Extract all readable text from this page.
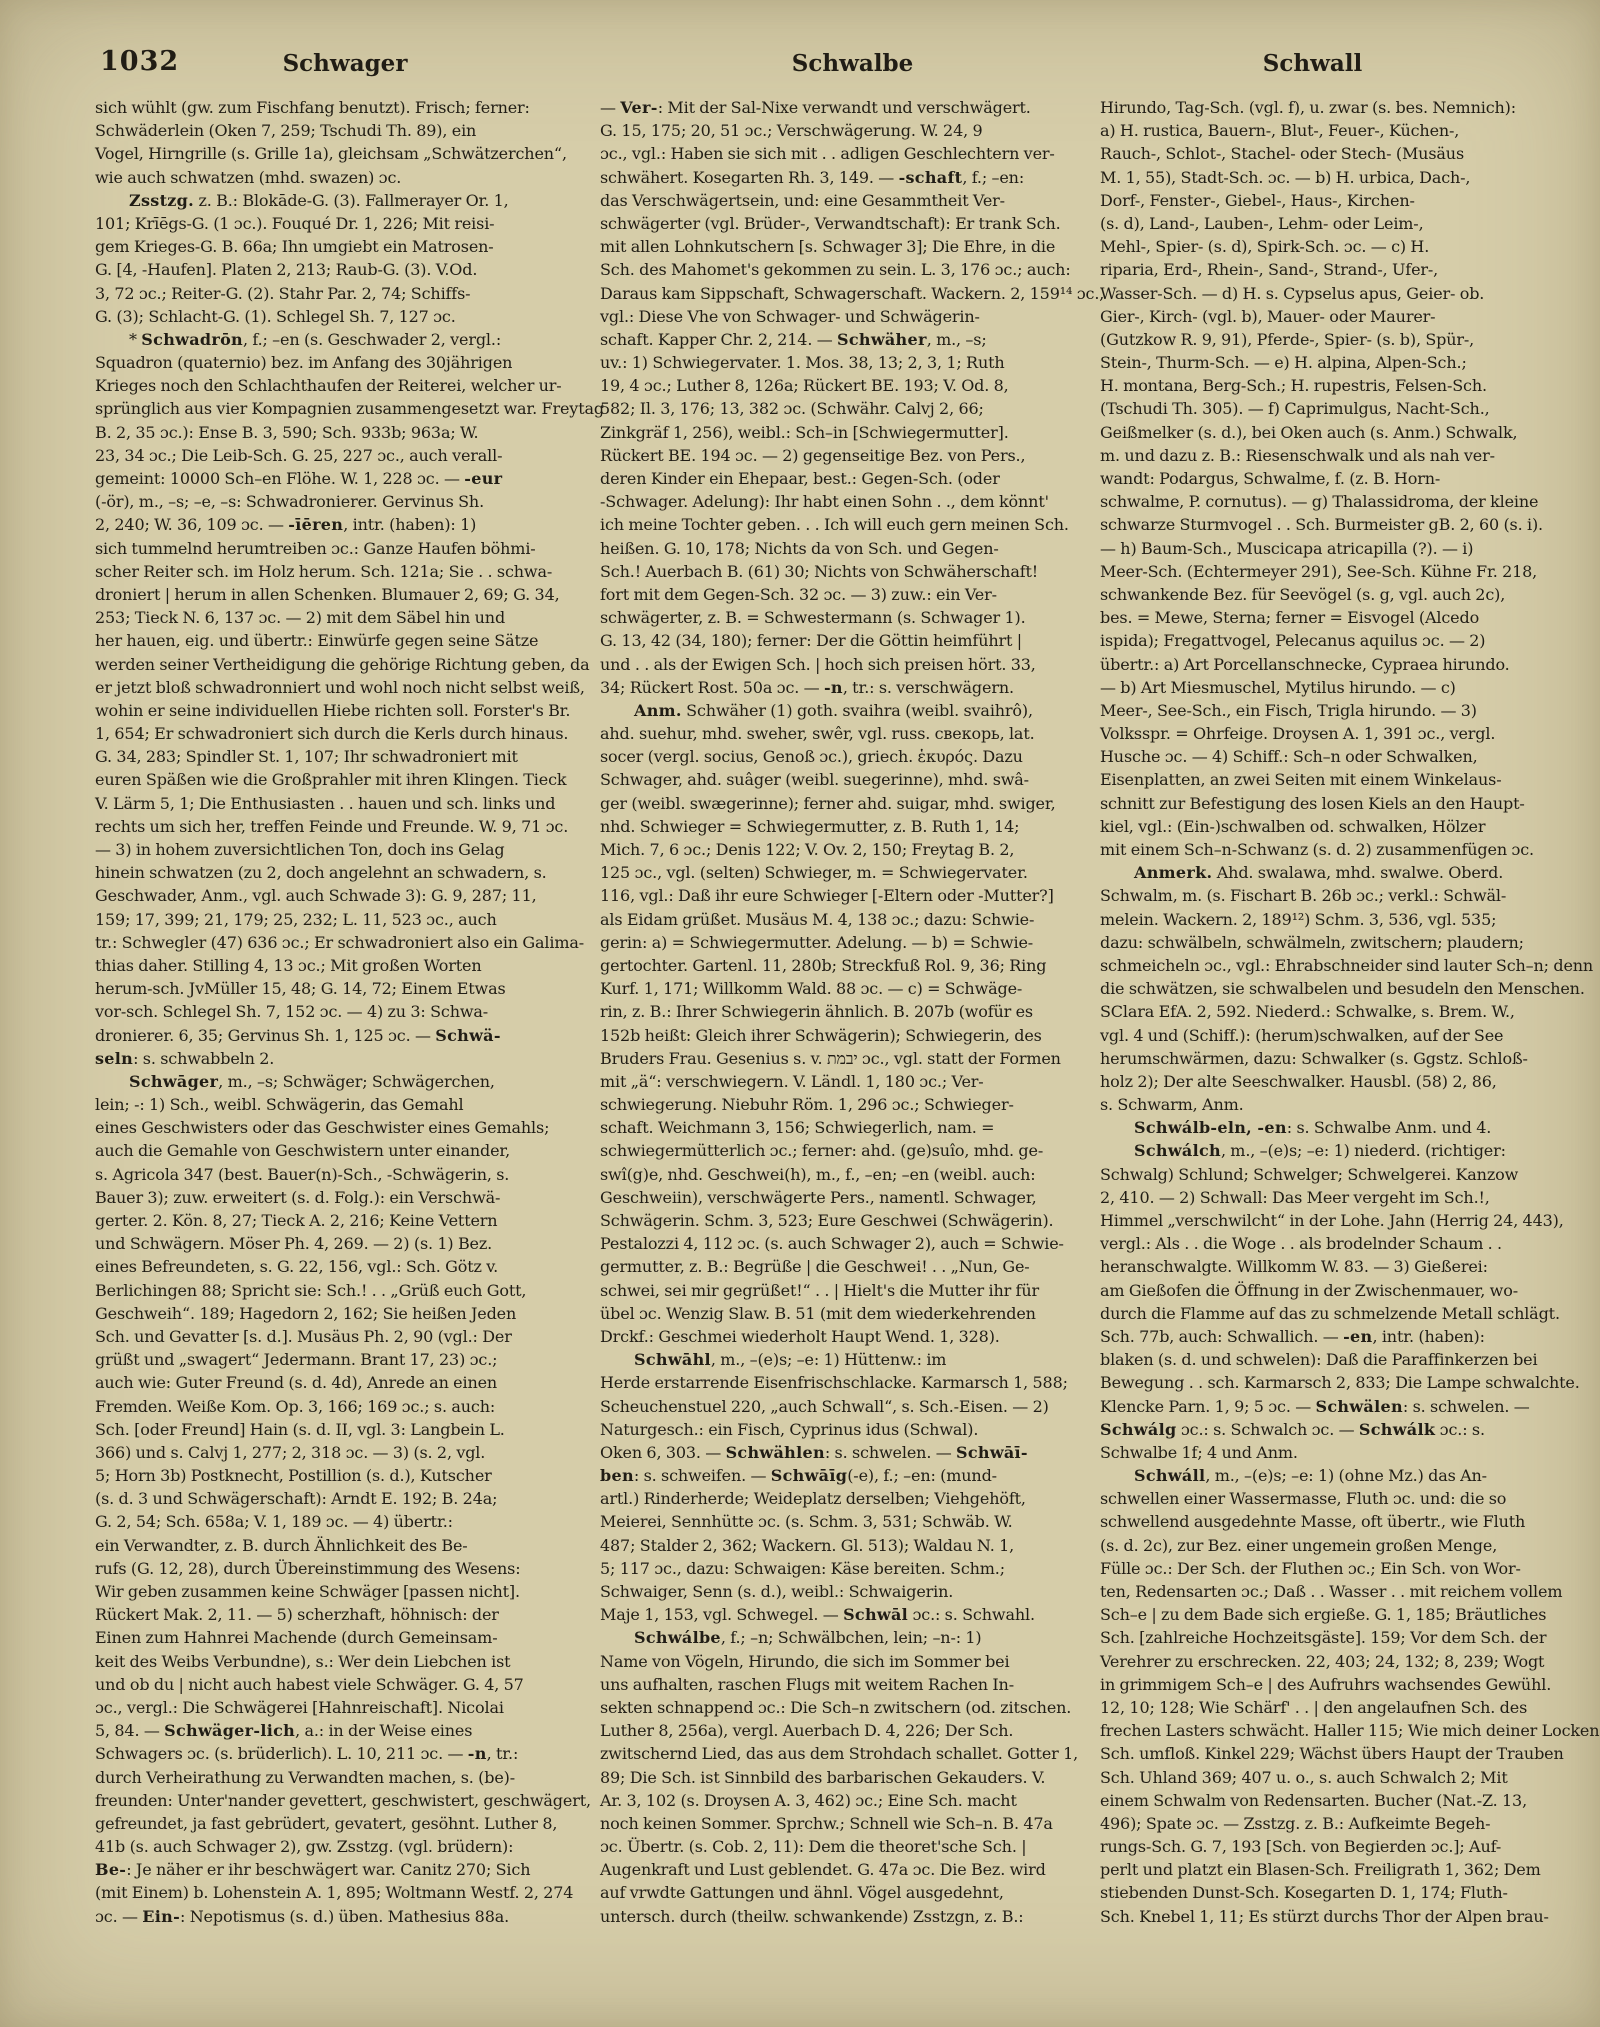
1032	Schwager	Schwalbe	Schwall
sich wühlt (gw. zum Fischfang benutzt). Frisch; ferner:
Schwäderlein (Oken 7, 259; Tschudi Th. 89), ein
Vogel, Hirngrille (s. Grille 1a), gleichsam „Schwätzerchen“,
wie auch schwatzen (mhd. swazen) ɔc.
Zsstzg. z. B.: Blokāde-G. (3). Fallmerayer Or. 1,
101; Krīēgs-G. (1 ɔc.). Fouqué Dr. 1, 226; Mit reisi-
gem Krieges-G. B. 66a; Ihn umgiebt ein Matrosen-
G. [4, -Haufen]. Platen 2, 213; Raub-G. (3). V.Od.
3, 72 ɔc.; Reiter-G. (2). Stahr Par. 2, 74; Schiffs-
G. (3); Schlacht-G. (1). Schlegel Sh. 7, 127 ɔc.
* Schwadrōn, f.; –en (s. Geschwader 2, vergl.:
Squadron (quaternio) bez. im Anfang des 30jährigen
Krieges noch den Schlachthaufen der Reiterei, welcher ur-
sprünglich aus vier Kompagnien zusammengesetzt war. Freytag
B. 2, 35 ɔc.): Ense B. 3, 590; Sch. 933b; 963a; W.
23, 34 ɔc.; Die Leib-Sch. G. 25, 227 ɔc., auch verall-
gemeint: 10000 Sch–en Flöhe. W. 1, 228 ɔc. — -eur
(-ör), m., –s; –e, –s: Schwadronierer. Gervinus Sh.
2, 240; W. 36, 109 ɔc. — -īēren, intr. (haben): 1)
sich tummelnd herumtreiben ɔc.: Ganze Haufen böhmi-
scher Reiter sch. im Holz herum. Sch. 121a; Sie . . schwa-
droniert | herum in allen Schenken. Blumauer 2, 69; G. 34,
253; Tieck N. 6, 137 ɔc. — 2) mit dem Säbel hin und
her hauen, eig. und übertr.: Einwürfe gegen seine Sätze
werden seiner Vertheidigung die gehörige Richtung geben, da
er jetzt bloß schwadronniert und wohl noch nicht selbst weiß,
wohin er seine individuellen Hiebe richten soll. Forster's Br.
1, 654; Er schwadroniert sich durch die Kerls durch hinaus.
G. 34, 283; Spindler St. 1, 107; Ihr schwadroniert mit
euren Späßen wie die Großprahler mit ihren Klingen. Tieck
V. Lärm 5, 1; Die Enthusiasten . . hauen und sch. links und
rechts um sich her, treffen Feinde und Freunde. W. 9, 71 ɔc.
— 3) in hohem zuversichtlichen Ton, doch ins Gelag
hinein schwatzen (zu 2, doch angelehnt an schwadern, s.
Geschwader, Anm., vgl. auch Schwade 3): G. 9, 287; 11,
159; 17, 399; 21, 179; 25, 232; L. 11, 523 ɔc., auch
tr.: Schwegler (47) 636 ɔc.; Er schwadroniert also ein Galima-
thias daher. Stilling 4, 13 ɔc.; Mit großen Worten
herum-sch. JvMüller 15, 48; G. 14, 72; Einem Etwas
vor-sch. Schlegel Sh. 7, 152 ɔc. — 4) zu 3: Schwa-
dronierer. 6, 35; Gervinus Sh. 1, 125 ɔc. — Schwä-
seln: s. schwabbeln 2.
Schwāger, m., –s; Schwäger; Schwägerchen,
lein; -: 1) Sch., weibl. Schwägerin, das Gemahl
eines Geschwisters oder das Geschwister eines Gemahls;
auch die Gemahle von Geschwistern unter einander,
s. Agricola 347 (best. Bauer(n)-Sch., -Schwägerin, s.
Bauer 3); zuw. erweitert (s. d. Folg.): ein Verschwä-
gerter. 2. Kön. 8, 27; Tieck A. 2, 216; Keine Vettern
und Schwägern. Möser Ph. 4, 269. — 2) (s. 1) Bez.
eines Befreundeten, s. G. 22, 156, vgl.: Sch. Götz v.
Berlichingen 88; Spricht sie: Sch.! . . „Grüß euch Gott,
Geschweih“. 189; Hagedorn 2, 162; Sie heißen Jeden
Sch. und Gevatter [s. d.]. Musäus Ph. 2, 90 (vgl.: Der
grüßt und „swagert“ Jedermann. Brant 17, 23) ɔc.;
auch wie: Guter Freund (s. d. 4d), Anrede an einen
Fremden. Weiße Kom. Op. 3, 166; 169 ɔc.; s. auch:
Sch. [oder Freund] Hain (s. d. II, vgl. 3: Langbein L.
366) und s. Calvj 1, 277; 2, 318 ɔc. — 3) (s. 2, vgl.
5; Horn 3b) Postknecht, Postillion (s. d.), Kutscher
(s. d. 3 und Schwägerschaft): Arndt E. 192; B. 24a;
G. 2, 54; Sch. 658a; V. 1, 189 ɔc. — 4) übertr.:
ein Verwandter, z. B. durch Ähnlichkeit des Be-
rufs (G. 12, 28), durch Übereinstimmung des Wesens:
Wir geben zusammen keine Schwäger [passen nicht].
Rückert Mak. 2, 11. — 5) scherzhaft, höhnisch: der
Einen zum Hahnrei Machende (durch Gemeinsam-
keit des Weibs Verbundne), s.: Wer dein Liebchen ist
und ob du | nicht auch habest viele Schwäger. G. 4, 57
ɔc., vergl.: Die Schwägerei [Hahnreischaft]. Nicolai
5, 84. — Schwäger-lich, a.: in der Weise eines
Schwagers ɔc. (s. brüderlich). L. 10, 211 ɔc. — -n, tr.:
durch Verheirathung zu Verwandten machen, s. (be)-
freunden: Unter'nander gevettert, geschwistert, geschwägert,
gefreundet, ja fast gebrüdert, gevatert, gesöhnt. Luther 8,
41b (s. auch Schwager 2), gw. Zsstzg. (vgl. brüdern):
Be-: Je näher er ihr beschwägert war. Canitz 270; Sich
(mit Einem) b. Lohenstein A. 1, 895; Woltmann Westf. 2, 274
ɔc. — Ein-: Nepotismus (s. d.) üben. Mathesius 88a.
— Ver-: Mit der Sal-Nixe verwandt und verschwägert.
G. 15, 175; 20, 51 ɔc.; Verschwägerung. W. 24, 9
ɔc., vgl.: Haben sie sich mit . . adligen Geschlechtern ver-
schwähert. Kosegarten Rh. 3, 149. — -schaft, f.; –en:
das Verschwägertsein, und: eine Gesammtheit Ver-
schwägerter (vgl. Brüder-, Verwandtschaft): Er trank Sch.
mit allen Lohnkutschern [s. Schwager 3]; Die Ehre, in die
Sch. des Mahomet's gekommen zu sein. L. 3, 176 ɔc.; auch:
Daraus kam Sippschaft, Schwagerschaft. Wackern. 2, 159¹⁴ ɔc.,
vgl.: Diese Vhe von Schwager- und Schwägerin-
schaft. Kapper Chr. 2, 214. — Schwäher, m., –s;
uv.: 1) Schwiegervater. 1. Mos. 38, 13; 2, 3, 1; Ruth
19, 4 ɔc.; Luther 8, 126a; Rückert BE. 193; V. Od. 8,
582; Il. 3, 176; 13, 382 ɔc. (Schwähr. Calvj 2, 66;
Zinkgräf 1, 256), weibl.: Sch–in [Schwiegermutter].
Rückert BE. 194 ɔc. — 2) gegenseitige Bez. von Pers.,
deren Kinder ein Ehepaar, best.: Gegen-Sch. (oder
-Schwager. Adelung): Ihr habt einen Sohn . ., dem könnt'
ich meine Tochter geben. . . Ich will euch gern meinen Sch.
heißen. G. 10, 178; Nichts da von Sch. und Gegen-
Sch.! Auerbach B. (61) 30; Nichts von Schwäherschaft!
fort mit dem Gegen-Sch. 32 ɔc. — 3) zuw.: ein Ver-
schwägerter, z. B. = Schwestermann (s. Schwager 1).
G. 13, 42 (34, 180); ferner: Der die Göttin heimführt |
und . . als der Ewigen Sch. | hoch sich preisen hört. 33,
34; Rückert Rost. 50a ɔc. — -n, tr.: s. verschwägern.
Anm. Schwäher (1) goth. svaihra (weibl. svaihrô),
ahd. suehur, mhd. sweher, swêr, vgl. russ. свекорь, lat.
socer (vergl. socius, Genoß ɔc.), griech. ἑκυρός. Dazu
Schwager, ahd. suâger (weibl. suegerinne), mhd. swâ-
ger (weibl. swægerinne); ferner ahd. suigar, mhd. swiger,
nhd. Schwieger = Schwiegermutter, z. B. Ruth 1, 14;
Mich. 7, 6 ɔc.; Denis 122; V. Ov. 2, 150; Freytag B. 2,
125 ɔc., vgl. (selten) Schwieger, m. = Schwiegervater.
116, vgl.: Daß ihr eure Schwieger [-Eltern oder -Mutter?]
als Eidam grüßet. Musäus M. 4, 138 ɔc.; dazu: Schwie-
gerin: a) = Schwiegermutter. Adelung. — b) = Schwie-
gertochter. Gartenl. 11, 280b; Streckfuß Rol. 9, 36; Ring
Kurf. 1, 171; Willkomm Wald. 88 ɔc. — c) = Schwäge-
rin, z. B.: Ihrer Schwiegerin ähnlich. B. 207b (wofür es
152b heißt: Gleich ihrer Schwägerin); Schwiegerin, des
Bruders Frau. Gesenius s. v. יבמת ɔc., vgl. statt der Formen
mit „ä“: verschwiegern. V. Ländl. 1, 180 ɔc.; Ver-
schwiegerung. Niebuhr Röm. 1, 296 ɔc.; Schwieger-
schaft. Weichmann 3, 156; Schwiegerlich, nam. =
schwiegermütterlich ɔc.; ferner: ahd. (ge)suîo, mhd. ge-
swî(g)e, nhd. Geschwei(h), m., f., –en; –en (weibl. auch:
Geschweiin), verschwägerte Pers., namentl. Schwager,
Schwägerin. Schm. 3, 523; Eure Geschwei (Schwägerin).
Pestalozzi 4, 112 ɔc. (s. auch Schwager 2), auch = Schwie-
germutter, z. B.: Begrüße | die Geschwei! . . „Nun, Ge-
schwei, sei mir gegrüßet!“ . . | Hielt's die Mutter ihr für
übel ɔc. Wenzig Slaw. B. 51 (mit dem wiederkehrenden
Drckf.: Geschmei wiederholt Haupt Wend. 1, 328).
Schwāhl, m., –(e)s; –e: 1) Hüttenw.: im
Herde erstarrende Eisenfrischschlacke. Karmarsch 1, 588;
Scheuchenstuel 220, „auch Schwall“, s. Sch.-Eisen. — 2)
Naturgesch.: ein Fisch, Cyprinus idus (Schwal).
Oken 6, 303. — Schwählen: s. schwelen. — Schwāī-
ben: s. schweifen. — Schwāīg(-e), f.; –en: (mund-
artl.) Rinderherde; Weideplatz derselben; Viehgehöft,
Meierei, Sennhütte ɔc. (s. Schm. 3, 531; Schwäb. W.
487; Stalder 2, 362; Wackern. Gl. 513); Waldau N. 1,
5; 117 ɔc., dazu: Schwaigen: Käse bereiten. Schm.;
Schwaiger, Senn (s. d.), weibl.: Schwaigerin.
Maje 1, 153, vgl. Schwegel. — Schwāl ɔc.: s. Schwahl.
Schwálbe, f.; –n; Schwälbchen, lein; –n-: 1)
Name von Vögeln, Hirundo, die sich im Sommer bei
uns aufhalten, raschen Flugs mit weitem Rachen In-
sekten schnappend ɔc.: Die Sch–n zwitschern (od. zitschen.
Luther 8, 256a), vergl. Auerbach D. 4, 226; Der Sch.
zwitschernd Lied, das aus dem Strohdach schallet. Gotter 1,
89; Die Sch. ist Sinnbild des barbarischen Gekauders. V.
Ar. 3, 102 (s. Droysen A. 3, 462) ɔc.; Eine Sch. macht
noch keinen Sommer. Sprchw.; Schnell wie Sch–n. B. 47a
ɔc. Übertr. (s. Cob. 2, 11): Dem die theoret'sche Sch. |
Augenkraft und Lust geblendet. G. 47a ɔc. Die Bez. wird
auf vrwdte Gattungen und ähnl. Vögel ausgedehnt,
untersch. durch (theilw. schwankende) Zsstzgn, z. B.:
Hirundo, Tag-Sch. (vgl. f), u. zwar (s. bes. Nemnich):
a) H. rustica, Bauern-, Blut-, Feuer-, Küchen-,
Rauch-, Schlot-, Stachel- oder Stech- (Musäus
M. 1, 55), Stadt-Sch. ɔc. — b) H. urbica, Dach-,
Dorf-, Fenster-, Giebel-, Haus-, Kirchen-
(s. d), Land-, Lauben-, Lehm- oder Leim-,
Mehl-, Spier- (s. d), Spirk-Sch. ɔc. — c) H.
riparia, Erd-, Rhein-, Sand-, Strand-, Ufer-,
Wasser-Sch. — d) H. s. Cypselus apus, Geier- ob.
Gier-, Kirch- (vgl. b), Mauer- oder Maurer-
(Gutzkow R. 9, 91), Pferde-, Spier- (s. b), Spür-,
Stein-, Thurm-Sch. — e) H. alpina, Alpen-Sch.;
H. montana, Berg-Sch.; H. rupestris, Felsen-Sch.
(Tschudi Th. 305). — f) Caprimulgus, Nacht-Sch.,
Geißmelker (s. d.), bei Oken auch (s. Anm.) Schwalk,
m. und dazu z. B.: Riesenschwalk und als nah ver-
wandt: Podargus, Schwalme, f. (z. B. Horn-
schwalme, P. cornutus). — g) Thalassidroma, der kleine
schwarze Sturmvogel . . Sch. Burmeister gB. 2, 60 (s. i).
— h) Baum-Sch., Muscicapa atricapilla (?). — i)
Meer-Sch. (Echtermeyer 291), See-Sch. Kühne Fr. 218,
schwankende Bez. für Seevögel (s. g, vgl. auch 2c),
bes. = Mewe, Sterna; ferner = Eisvogel (Alcedo
ispida); Fregattvogel, Pelecanus aquilus ɔc. — 2)
übertr.: a) Art Porcellanschnecke, Cypraea hirundo.
— b) Art Miesmuschel, Mytilus hirundo. — c)
Meer-, See-Sch., ein Fisch, Trigla hirundo. — 3)
Volksspr. = Ohrfeige. Droysen A. 1, 391 ɔc., vergl.
Husche ɔc. — 4) Schiff.: Sch–n oder Schwalken,
Eisenplatten, an zwei Seiten mit einem Winkelaus-
schnitt zur Befestigung des losen Kiels an den Haupt-
kiel, vgl.: (Ein-)schwalben od. schwalken, Hölzer
mit einem Sch–n-Schwanz (s. d. 2) zusammenfügen ɔc.
Anmerk. Ahd. swalawa, mhd. swalwe. Oberd.
Schwalm, m. (s. Fischart B. 26b ɔc.; verkl.: Schwäl-
melein. Wackern. 2, 189¹²) Schm. 3, 536, vgl. 535;
dazu: schwälbeln, schwälmeln, zwitschern; plaudern;
schmeicheln ɔc., vgl.: Ehrabschneider sind lauter Sch–n; denn
die schwätzen, sie schwalbelen und besudeln den Menschen.
SClara EfA. 2, 592. Niederd.: Schwalke, s. Brem. W.,
vgl. 4 und (Schiff.): (herum)schwalken, auf der See
herumschwärmen, dazu: Schwalker (s. Ggstz. Schloß-
holz 2); Der alte Seeschwalker. Hausbl. (58) 2, 86,
s. Schwarm, Anm.
Schwálb-eln, -en: s. Schwalbe Anm. und 4.
Schwálch, m., –(e)s; –e: 1) niederd. (richtiger:
Schwalg) Schlund; Schwelger; Schwelgerei. Kanzow
2, 410. — 2) Schwall: Das Meer vergeht im Sch.!,
Himmel „verschwilcht“ in der Lohe. Jahn (Herrig 24, 443),
vergl.: Als . . die Woge . . als brodelnder Schaum . .
heranschwalgte. Willkomm W. 83. — 3) Gießerei:
am Gießofen die Öffnung in der Zwischenmauer, wo-
durch die Flamme auf das zu schmelzende Metall schlägt.
Sch. 77b, auch: Schwallich. — -en, intr. (haben):
blaken (s. d. und schwelen): Daß die Paraffinkerzen bei
Bewegung . . sch. Karmarsch 2, 833; Die Lampe schwalchte.
Klencke Parn. 1, 9; 5 ɔc. — Schwälen: s. schwelen. —
Schwálg ɔc.: s. Schwalch ɔc. — Schwálk ɔc.: s.
Schwalbe 1f; 4 und Anm.
Schwáll, m., –(e)s; –e: 1) (ohne Mz.) das An-
schwellen einer Wassermasse, Fluth ɔc. und: die so
schwellend ausgedehnte Masse, oft übertr., wie Fluth
(s. d. 2c), zur Bez. einer ungemein großen Menge,
Fülle ɔc.: Der Sch. der Fluthen ɔc.; Ein Sch. von Wor-
ten, Redensarten ɔc.; Daß . . Wasser . . mit reichem vollem
Sch–e | zu dem Bade sich ergieße. G. 1, 185; Bräutliches
Sch. [zahlreiche Hochzeitsgäste]. 159; Vor dem Sch. der
Verehrer zu erschrecken. 22, 403; 24, 132; 8, 239; Wogt
in grimmigem Sch–e | des Aufruhrs wachsendes Gewühl.
12, 10; 128; Wie Schärf' . . | den angelaufnen Sch. des
frechen Lasters schwächt. Haller 115; Wie mich deiner Locken
Sch. umfloß. Kinkel 229; Wächst übers Haupt der Trauben
Sch. Uhland 369; 407 u. o., s. auch Schwalch 2; Mit
einem Schwalm von Redensarten. Bucher (Nat.-Z. 13,
496); Spate ɔc. — Zsstzg. z. B.: Aufkeimte Begeh-
rungs-Sch. G. 7, 193 [Sch. von Begierden ɔc.]; Auf-
perlt und platzt ein Blasen-Sch. Freiligrath 1, 362; Dem
stiebenden Dunst-Sch. Kosegarten D. 1, 174; Fluth-
Sch. Knebel 1, 11; Es stürzt durchs Thor der Alpen brau-
